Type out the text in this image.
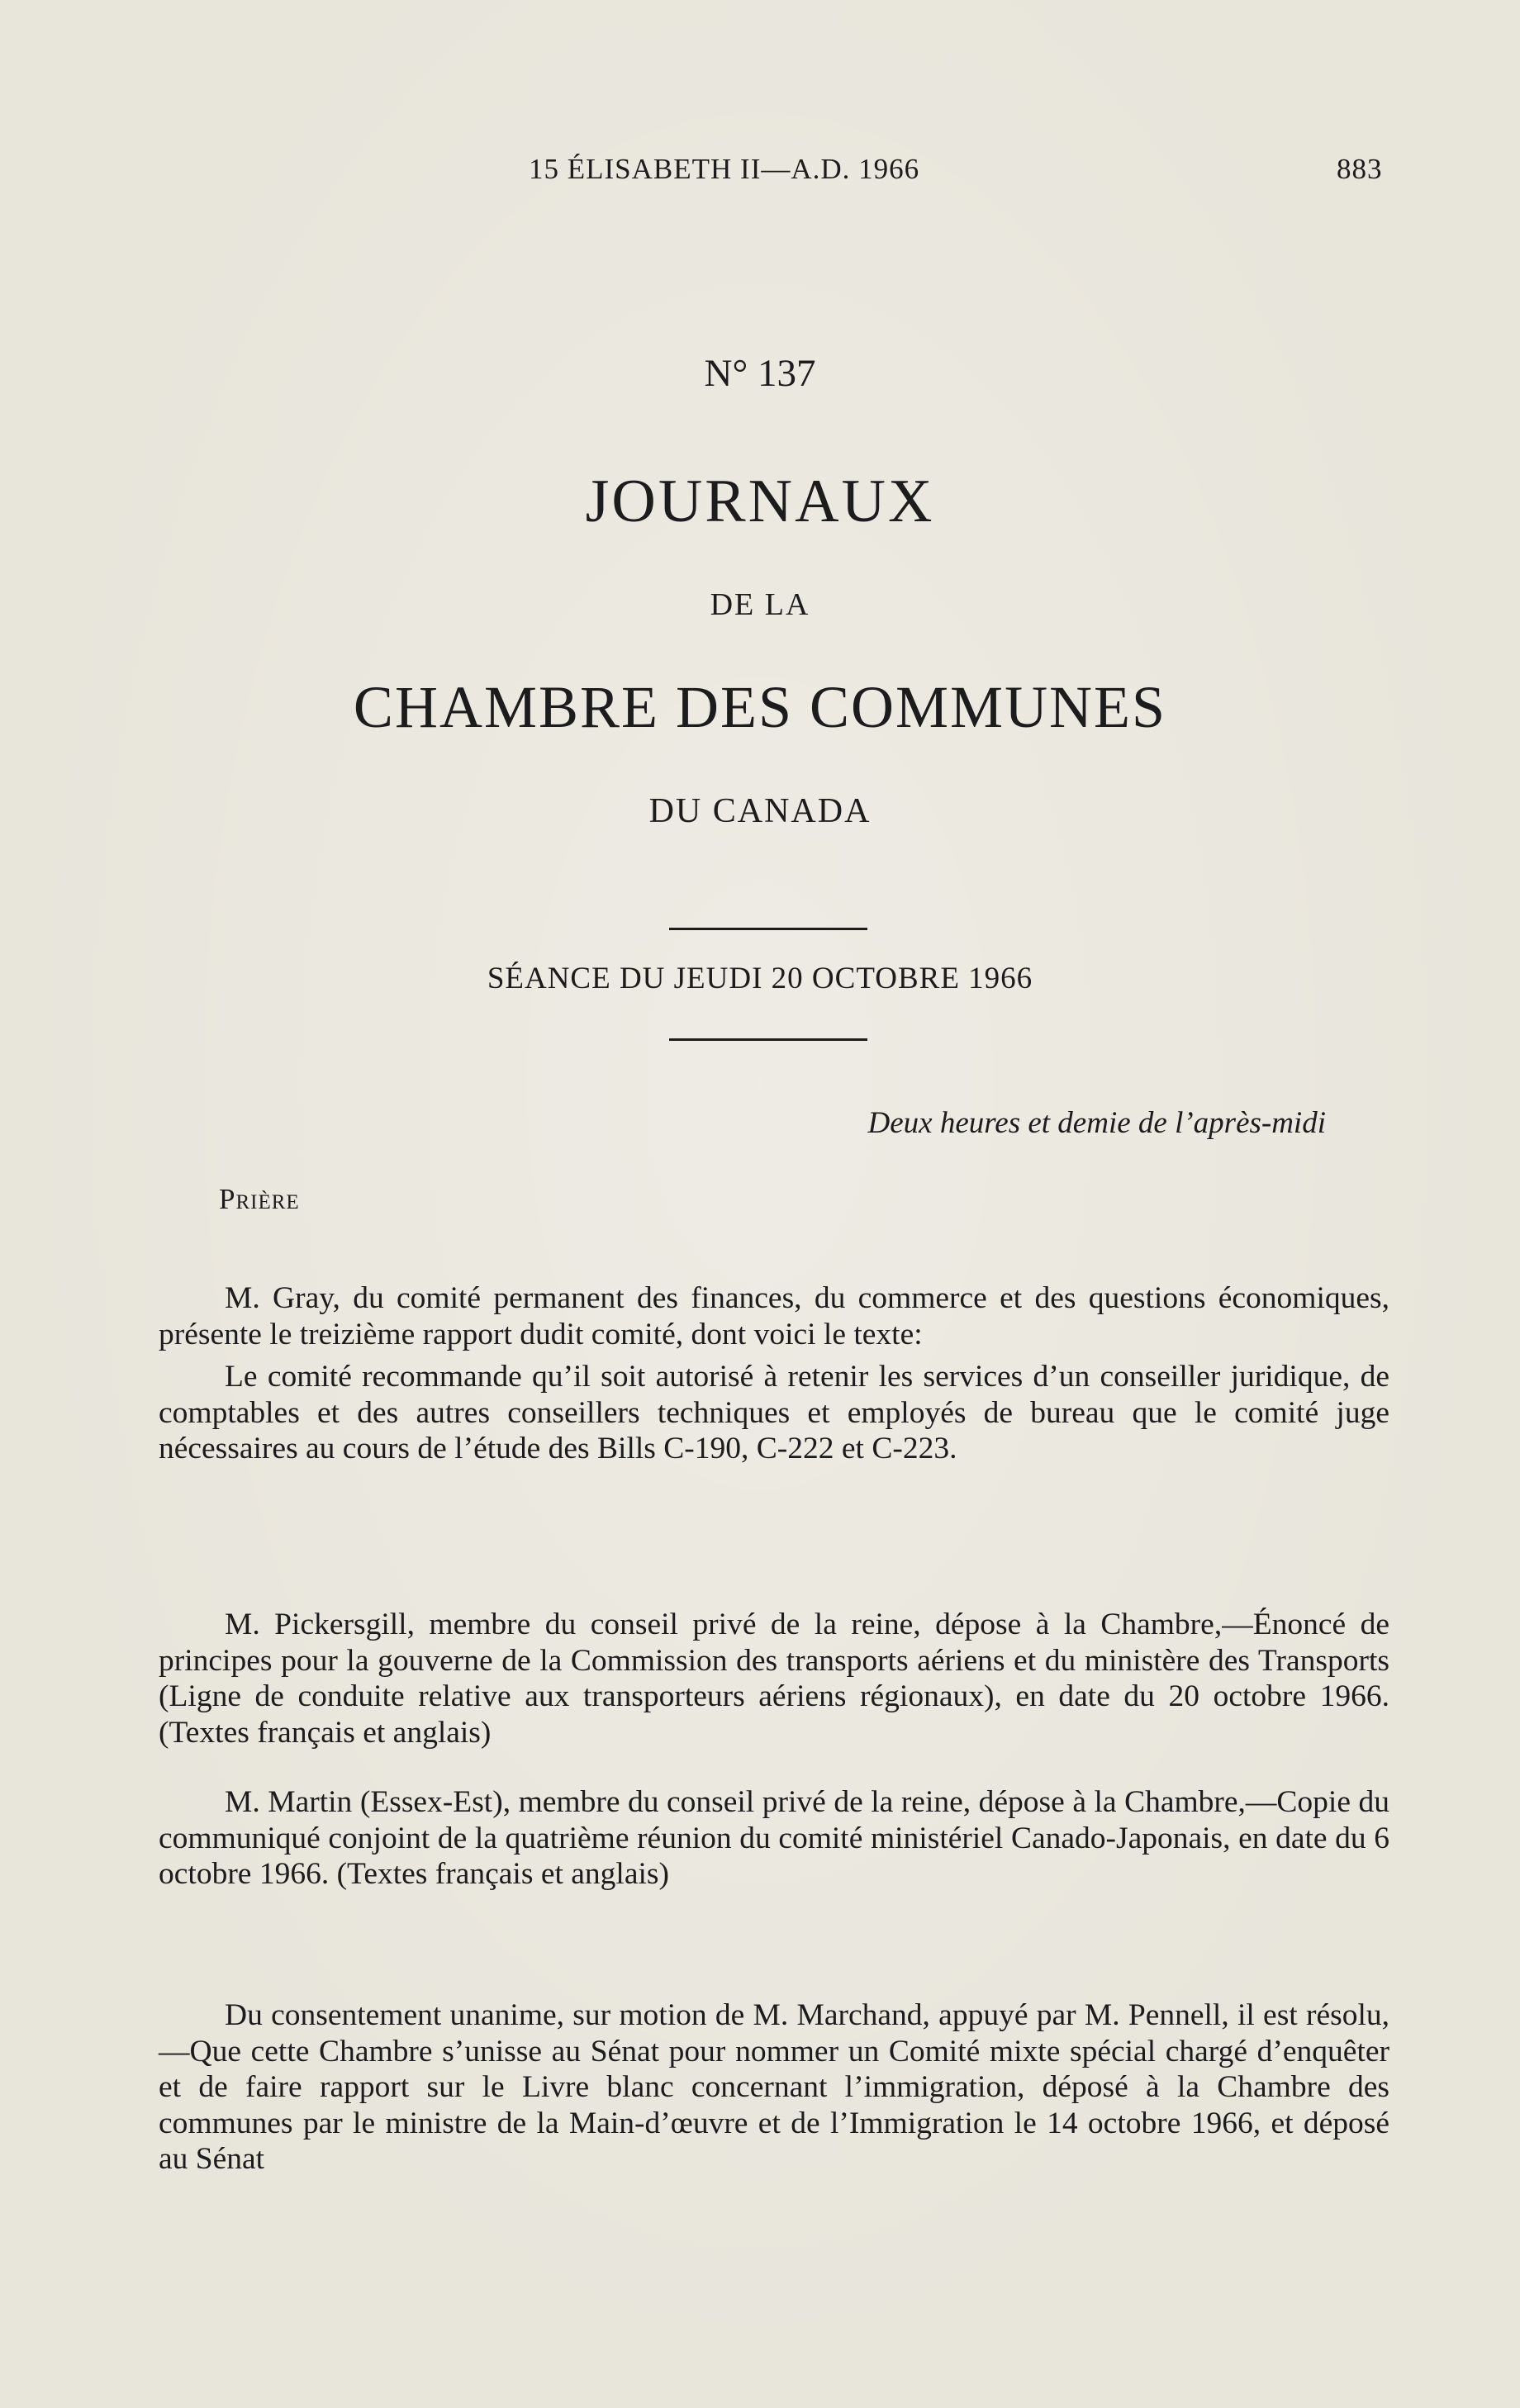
15 ÉLISABETH II—A.D. 1966	883
N° 137
JOURNAUX
DE LA
CHAMBRE DES COMMUNES
DU CANADA
SÉANCE DU JEUDI 20 OCTOBRE 1966
Deux heures et demie de l’après-midi
Prière
M. Gray, du comité permanent des finances, du commerce et des questions économiques, présente le treizième rapport dudit comité, dont voici le texte:
Le comité recommande qu’il soit autorisé à retenir les services d’un conseiller juridique, de comptables et des autres conseillers techniques et employés de bureau que le comité juge nécessaires au cours de l’étude des Bills C-190, C-222 et C-223.
M. Pickersgill, membre du conseil privé de la reine, dépose à la Chambre,—Énoncé de principes pour la gouverne de la Commission des transports aériens et du ministère des Transports (Ligne de conduite relative aux transporteurs aériens régionaux), en date du 20 octobre 1966. (Textes français et anglais)
M. Martin (Essex-Est), membre du conseil privé de la reine, dépose à la Chambre,—Copie du communiqué conjoint de la quatrième réunion du comité ministériel Canado-Japonais, en date du 6 octobre 1966. (Textes français et anglais)
Du consentement unanime, sur motion de M. Marchand, appuyé par M. Pennell, il est résolu,—Que cette Chambre s’unisse au Sénat pour nommer un Comité mixte spécial chargé d’enquêter et de faire rapport sur le Livre blanc concernant l’immigration, déposé à la Chambre des communes par le ministre de la Main-d’œuvre et de l’Immigration le 14 octobre 1966, et déposé au Sénat
